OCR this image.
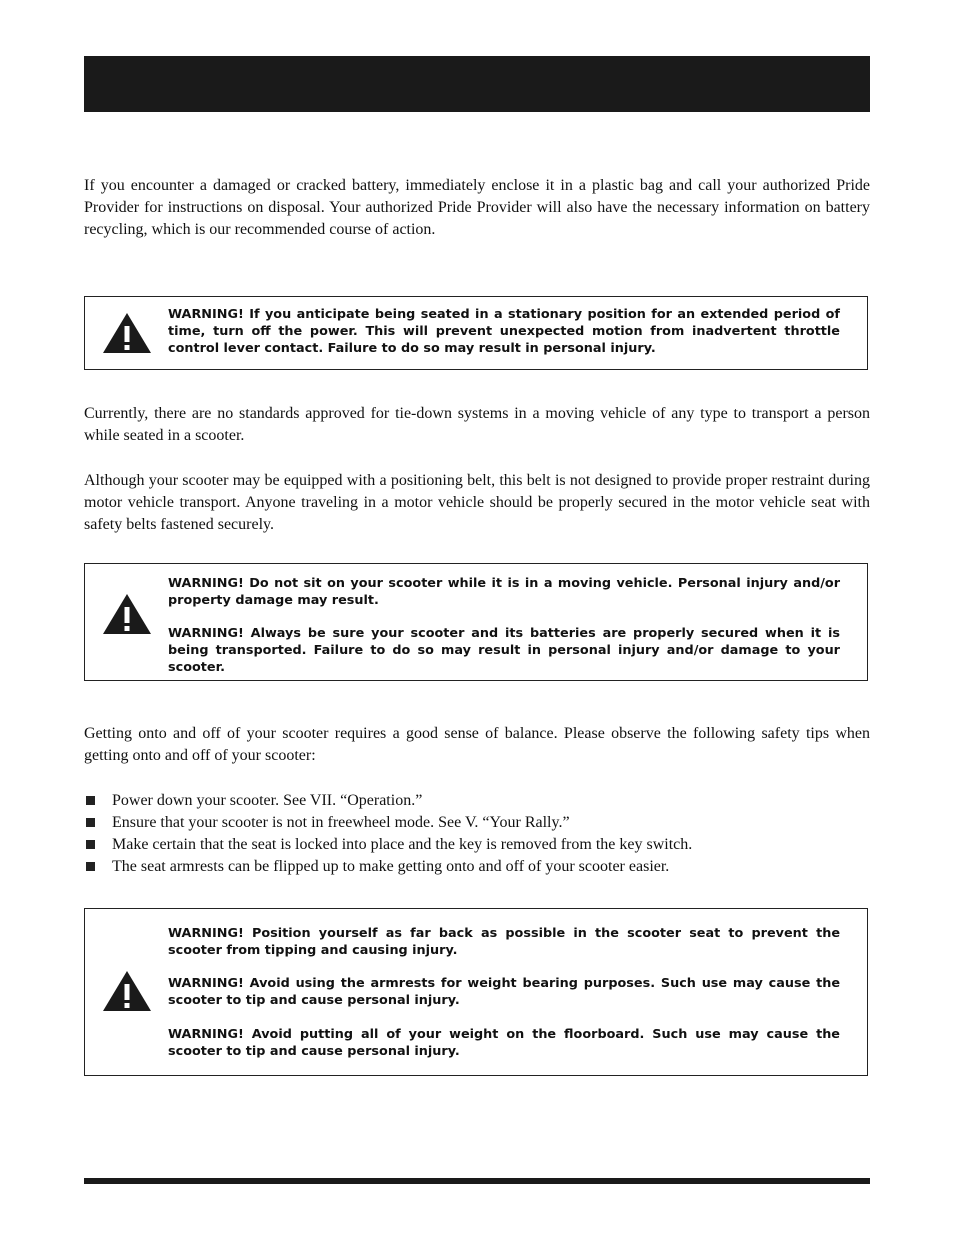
If you encounter a damaged or cracked battery, immediately enclose it in a plastic bag and call your authorized Pride Provider for instructions on disposal. Your authorized Pride Provider will also have the necessary information on battery recycling, which is our recommended course of action.

WARNING! If you anticipate being seated in a stationary position for an extended period of time, turn off the power. This will prevent unexpected motion from inadvertent throttle control lever contact. Failure to do so may result in personal injury.

Currently, there are no standards approved for tie-down systems in a moving vehicle of any type to transport a person while seated in a scooter.

Although your scooter may be equipped with a positioning belt, this belt is not designed to provide proper restraint during motor vehicle transport. Anyone traveling in a motor vehicle should be properly secured in the motor vehicle seat with safety belts fastened securely.

WARNING! Do not sit on your scooter while it is in a moving vehicle. Personal injury and/or property damage may result.

WARNING! Always be sure your scooter and its batteries are properly secured when it is being transported. Failure to do so may result in personal injury and/or damage to your scooter.

Getting onto and off of your scooter requires a good sense of balance. Please observe the following safety tips when getting onto and off of your scooter:

Power down your scooter. See VII. “Operation.”
Ensure that your scooter is not in freewheel mode. See V. “Your Rally.”
Make certain that the seat is locked into place and the key is removed from the key switch.
The seat armrests can be flipped up to make getting onto and off of your scooter easier.

WARNING! Position yourself as far back as possible in the scooter seat to prevent the scooter from tipping and causing injury.

WARNING! Avoid using the armrests for weight bearing purposes. Such use may cause the scooter to tip and cause personal injury.

WARNING! Avoid putting all of your weight on the floorboard. Such use may cause the scooter to tip and cause personal injury.
